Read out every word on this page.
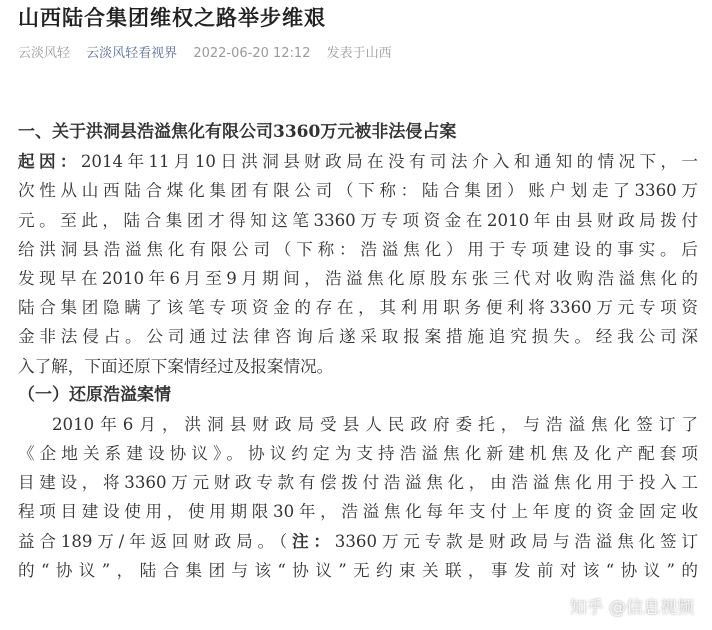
山西陆合集团维权之路举步维艰
云淡风轻 云淡风轻看视界 2022-06-20 12:12 发表于山西
一、关于洪洞县浩溢焦化有限公司3360万元被非法侵占案
起因：2014年11月10日洪洞县财政局在没有司法介入和通知的情况下，一
次性从山西陆合煤化集团有限公司（下称：陆合集团）账户划走了3360万
元。至此，陆合集团才得知这笔3360万专项资金在2010年由县财政局拨付
给洪洞县浩溢焦化有限公司（下称：浩溢焦化）用于专项建设的事实。后
发现早在2010年6月至9月期间，浩溢焦化原股东张三代对收购浩溢焦化的
陆合集团隐瞒了该笔专项资金的存在，其利用职务便利将3360万元专项资
金非法侵占。公司通过法律咨询后遂采取报案措施追究损失。经我公司深
入了解，下面还原下案情经过及报案情况。
（一）还原浩溢案情
2010年6月，洪洞县财政局受县人民政府委托，与浩溢焦化签订了
《企地关系建设协议》。协议约定为支持浩溢焦化新建机焦及化产配套项
目建设，将3360万元财政专款有偿拨付浩溢焦化，由浩溢焦化用于投入工
程项目建设使用，使用期限30年，浩溢焦化每年支付上年度的资金固定收
益合189万/年返回财政局。（注：3360万元专款是财政局与浩溢焦化签订
的“协议”，陆合集团与该“协议”无约束关联，事发前对该“协议”的
知乎 @信息视频
